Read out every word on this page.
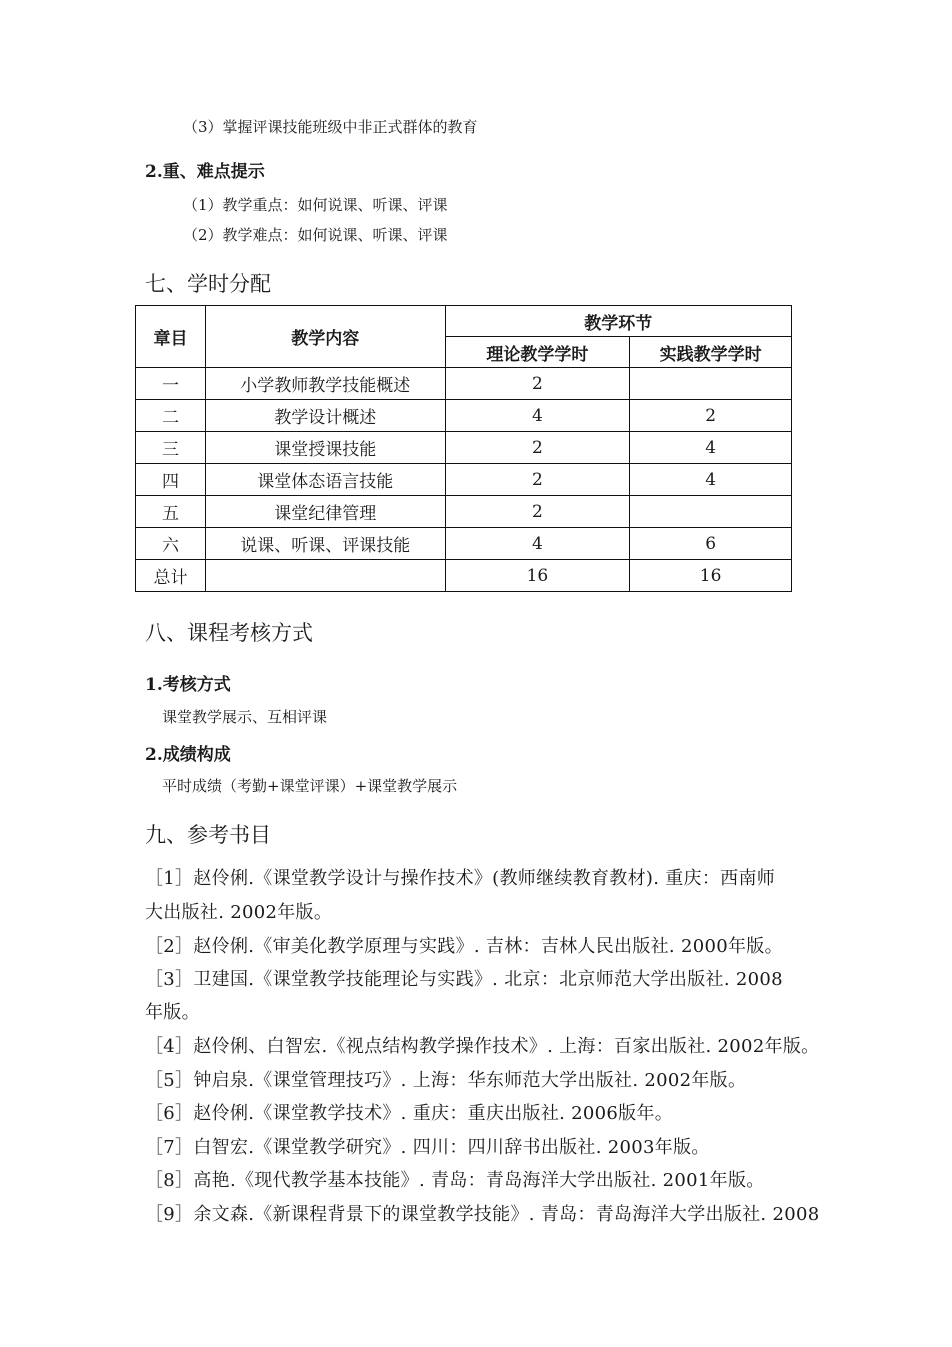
（3）掌握评课技能班级中非正式群体的教育
2.重、难点提示
（1）教学重点：如何说课、听课、评课
（2）教学难点：如何说课、听课、评课
七、学时分配
章目	教学内容	教学环节	
		理论教学学时	实践教学学时
一	小学教师教学技能概述	2	
二	教学设计概述	4	2
三	课堂授课技能	2	4
四	课堂体态语言技能	2	4
五	课堂纪律管理	2	
六	说课、听课、评课技能	4	6
总计		16	16
八、课程考核方式
1.考核方式
课堂教学展示、互相评课
2.成绩构成
平时成绩（考勤+课堂评课）+课堂教学展示
九、参考书目
［1］赵伶俐.《课堂教学设计与操作技术》(教师继续教育教材). 重庆：西南师
大出版社. 2002年版。
［2］赵伶俐.《审美化教学原理与实践》. 吉林：吉林人民出版社. 2000年版。
［3］卫建国.《课堂教学技能理论与实践》. 北京：北京师范大学出版社. 2008
年版。
［4］赵伶俐、白智宏.《视点结构教学操作技术》. 上海：百家出版社. 2002年版。
［5］钟启泉.《课堂管理技巧》. 上海：华东师范大学出版社. 2002年版。
［6］赵伶俐.《课堂教学技术》. 重庆：重庆出版社. 2006版年。
［7］白智宏.《课堂教学研究》. 四川：四川辞书出版社. 2003年版。
［8］高艳.《现代教学基本技能》. 青岛：青岛海洋大学出版社. 2001年版。
［9］余文森.《新课程背景下的课堂教学技能》. 青岛：青岛海洋大学出版社. 2008
